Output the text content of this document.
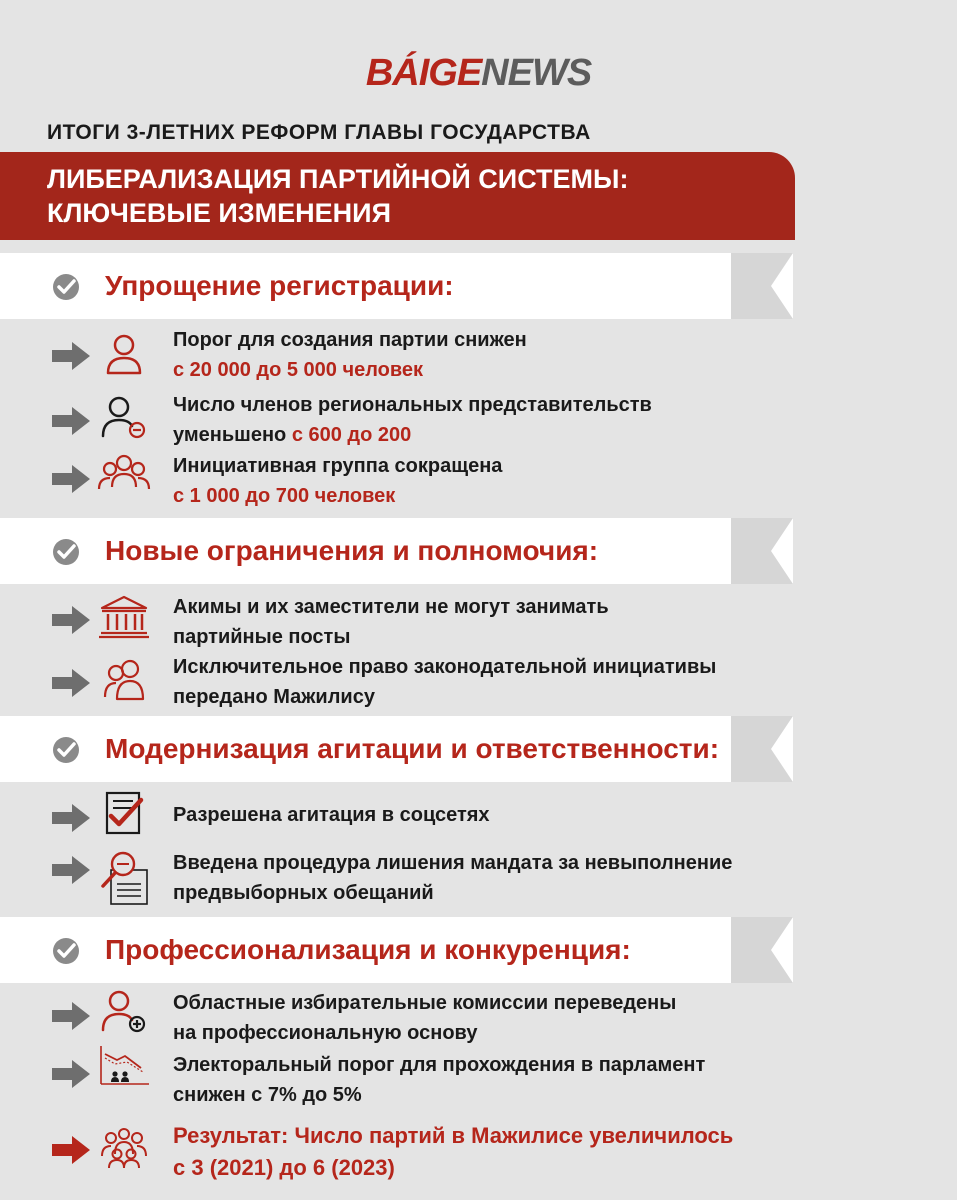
BÁIGENEWS
ИТОГИ 3-ЛЕТНИХ РЕФОРМ ГЛАВЫ ГОСУДАРСТВА
ЛИБЕРАЛИЗАЦИЯ ПАРТИЙНОЙ СИСТЕМЫ:
КЛЮЧЕВЫЕ ИЗМЕНЕНИЯ
Упрощение регистрации:
Порог для создания партии снижен
с 20 000 до 5 000 человек
Число членов региональных представительств
уменьшено с 600 до 200
Инициативная группа сокращена
с 1 000 до 700 человек
Новые ограничения и полномочия:
Акимы и их заместители не могут занимать
партийные посты
Исключительное право законодательной инициативы
передано Мажилису
Модернизация агитации и ответственности:
Разрешена агитация в соцсетях
Введена процедура лишения мандата за невыполнение
предвыборных обещаний
Профессионализация и конкуренция:
Областные избирательные комиссии переведены
на профессиональную основу
Электоральный порог для прохождения в парламент
снижен с 7% до 5%
Результат: Число партий в Мажилисе увеличилось
с 3 (2021) до 6 (2023)
